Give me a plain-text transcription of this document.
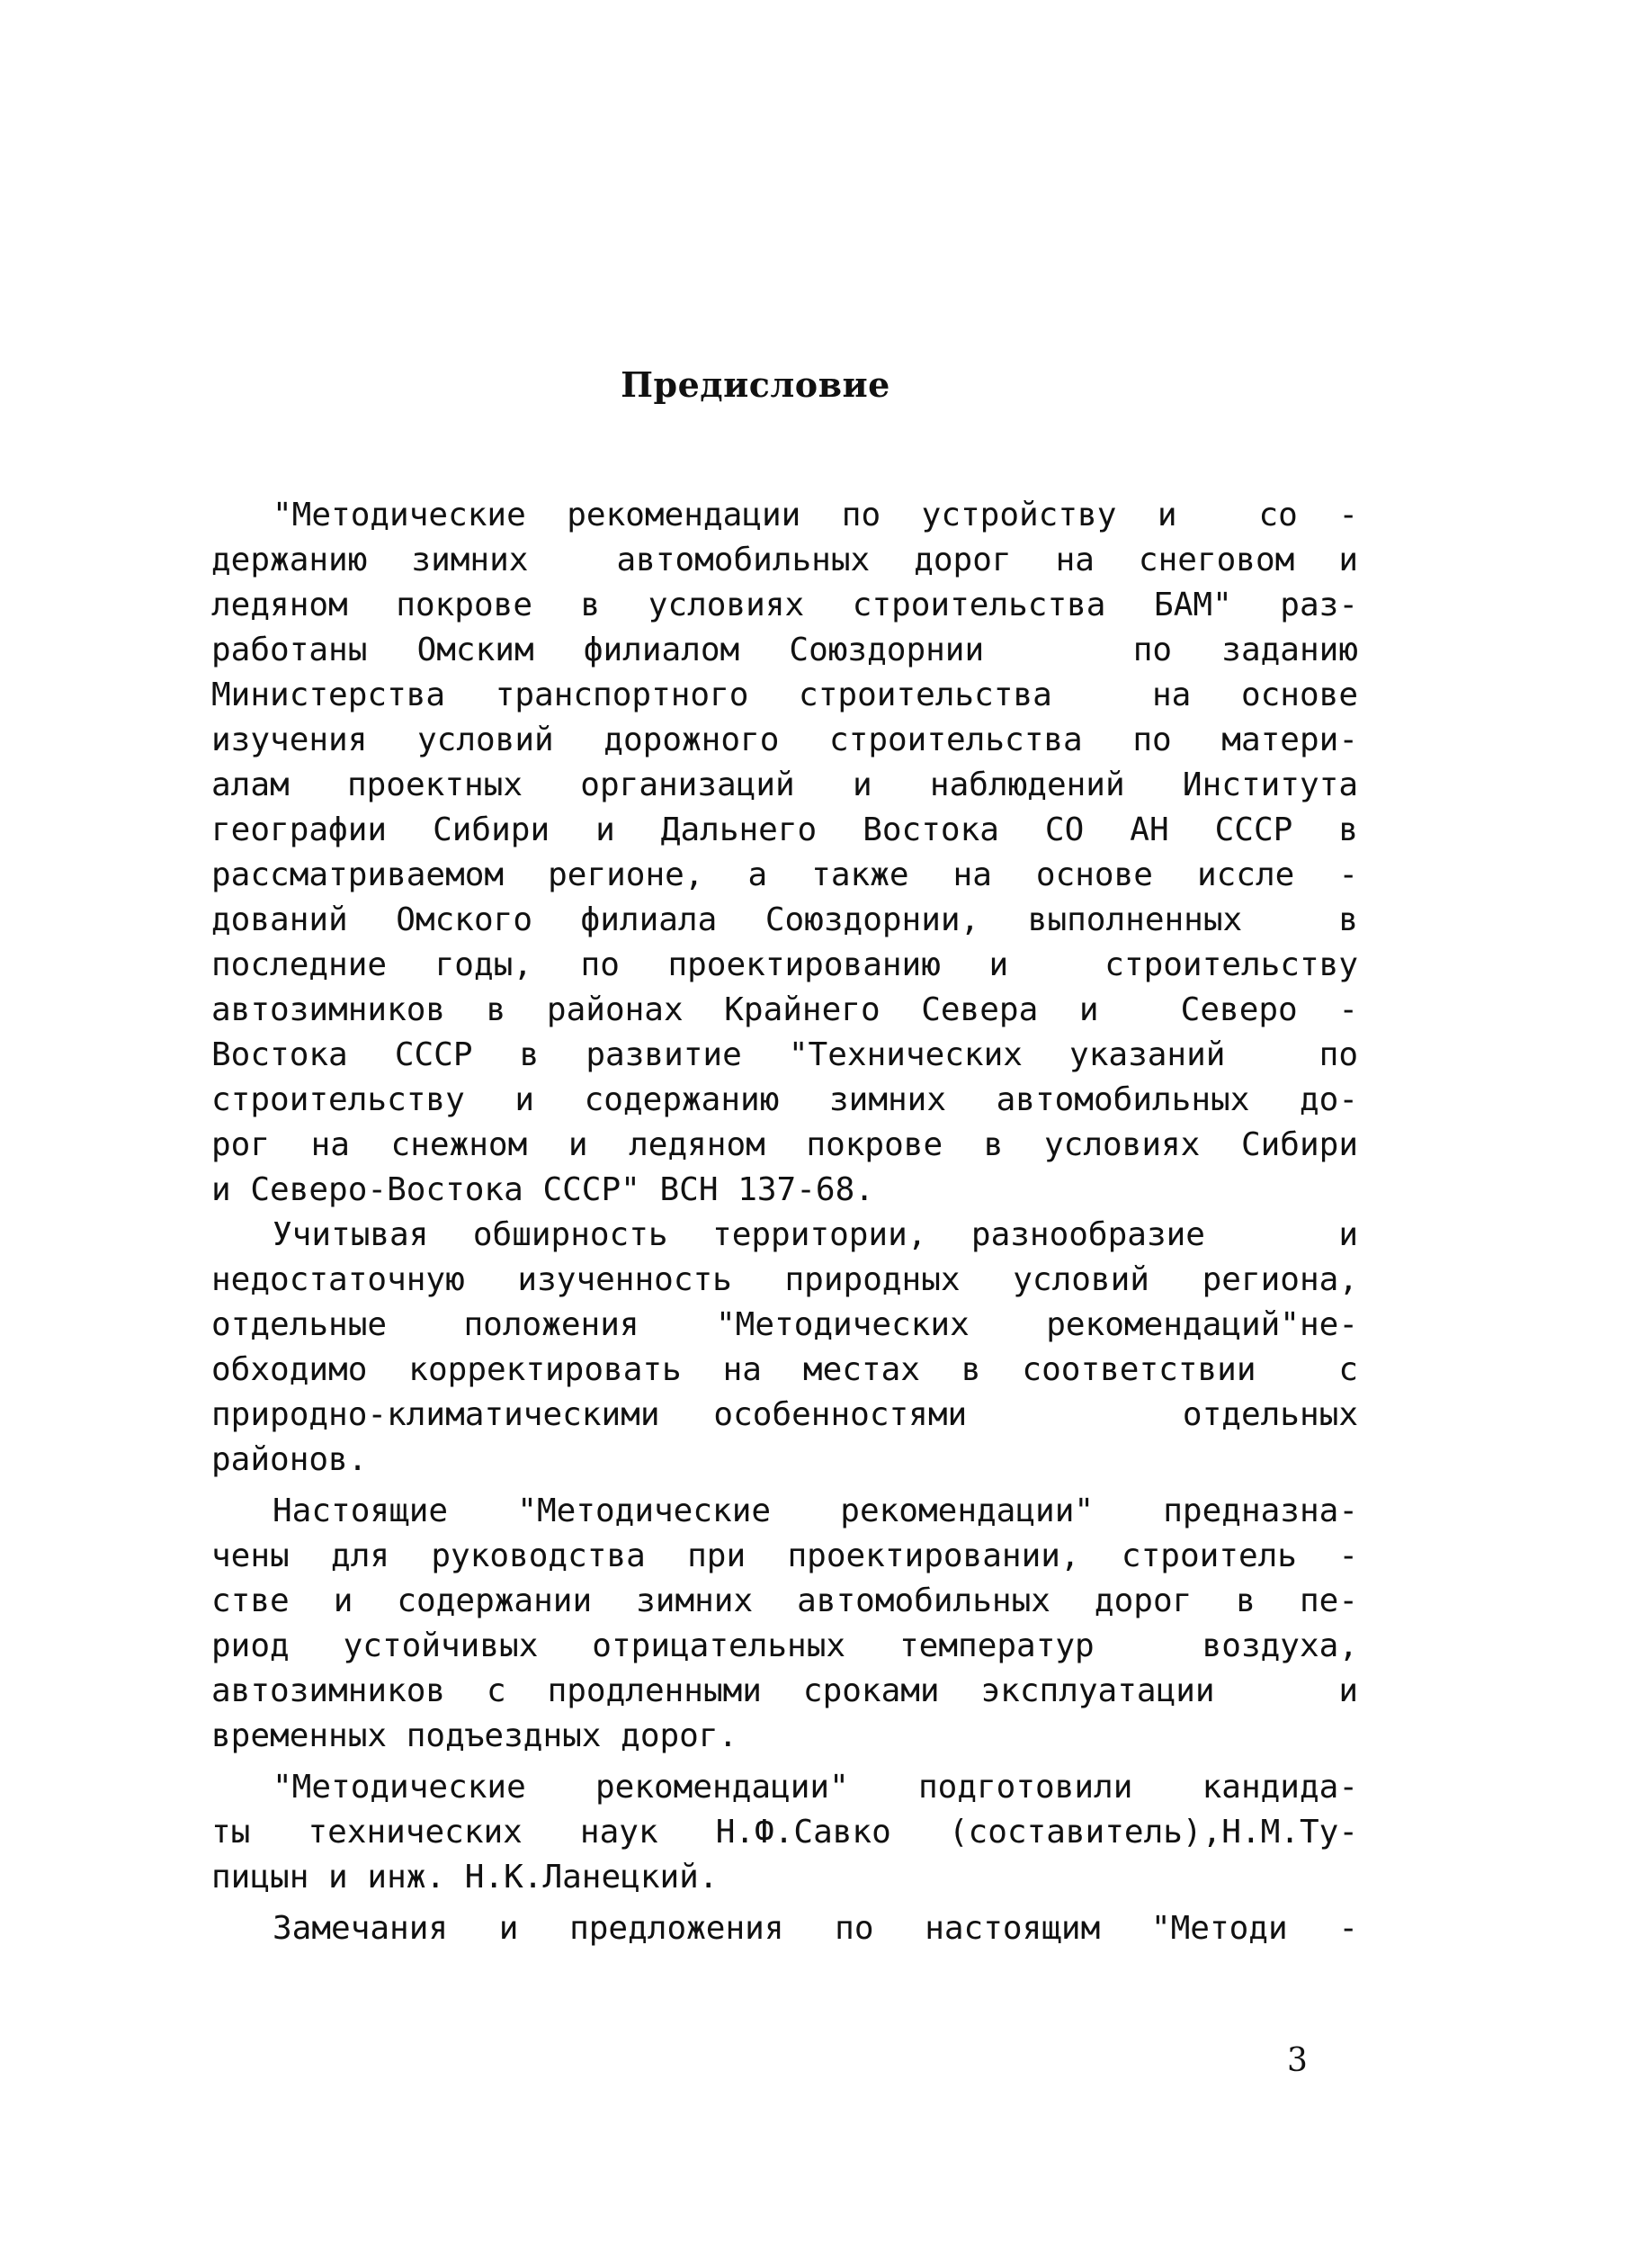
Предисловие
"Методические рекомендации по устройству и  со -
держанию зимних  автомобильных дорог на снеговом и
ледяном покрове в условиях строительства БАМ" раз-
работаны Омским филиалом Союздорнии   по заданию
Министерства транспортного строительства  на основе
изучения условий дорожного строительства по матери-
алам проектных организаций и наблюдений Института
географии Сибири и Дальнего Востока СО АН СССР в
рассматриваемом регионе, а также на основе иссле -
дований Омского филиала Союздорнии, выполненных  в
последние годы, по проектированию и  строительству
автозимников в районах Крайнего Севера и  Северо -
Востока СССР в развитие "Технических указаний  по
строительству и содержанию зимних автомобильных до-
рог на снежном и ледяном покрове в условиях Сибири
и Северо-Востока СССР" ВСН 137-68.
Учитывая обширность территории, разнообразие   и
недостаточную изученность природных условий региона,
отдельные положения "Методических рекомендаций"не-
обходимо корректировать на местах в соответствии  с
природно-климатическими особенностями    отдельных
районов.
Настоящие "Методические рекомендации" предназна-
чены для руководства при проектировании, строитель -
стве и содержании зимних автомобильных дорог в пе-
риод устойчивых отрицательных температур  воздуха,
автозимников с продленными сроками эксплуатации   и
временных подъездных дорог.
"Методические рекомендации" подготовили кандида-
ты технических наук Н.Ф.Савко (составитель),Н.М.Ту-
пицын и инж. Н.К.Ланецкий.
Замечания и предложения по настоящим "Методи -
3
